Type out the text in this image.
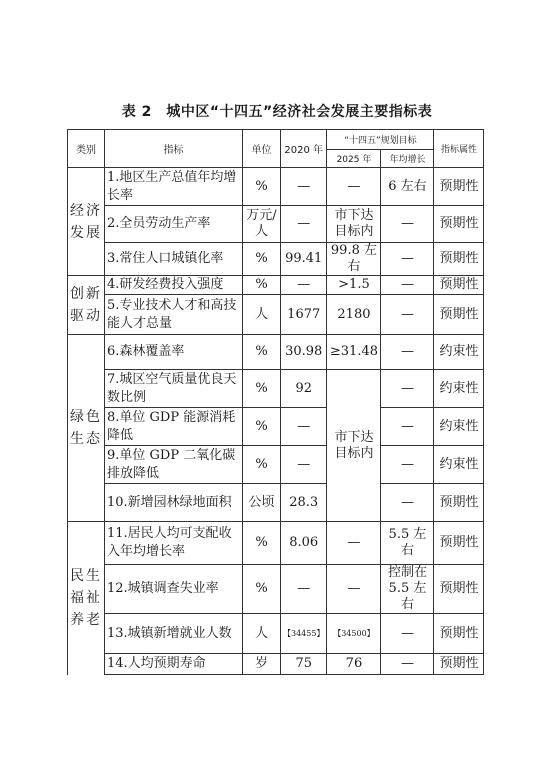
表 2　城中区“十四五”经济社会发展主要指标表
类别	指标	单位	2020 年	“十四五”规划目标		指标属性
				2025 年	年均增长	
经济发展	1.地区生产总值年均增长率	%	—	—	6 左右	预期性
	2.全员劳动生产率	万元/人	—	市下达目标内	—	预期性
	3.常住人口城镇化率	%	99.41	99.8 左右	—	预期性
创新驱动	4.研发经费投入强度	%	—	>1.5	—	预期性
	5.专业技术人才和高技能人才总量	人	1677	2180	—	预期性
绿色生态	6.森林覆盖率	%	30.98	≥31.48	—	约束性
	7.城区空气质量优良天数比例	%	92	市下达目标内	—	约束性
	8.单位 GDP 能源消耗降低	%	—		—	约束性
	9.单位 GDP 二氧化碳排放降低	%	—		—	约束性
	10.新增园林绿地面积	公顷	28.3		—	预期性
民生福祉养老	11.居民人均可支配收入年均增长率	%	8.06	—	5.5 左右	预期性
	12.城镇调查失业率	%	—	—	控制在 5.5 左右	预期性
	13.城镇新增就业人数	人	【34455】	【34500】	—	预期性
	14.人均预期寿命	岁	75	76	—	预期性
